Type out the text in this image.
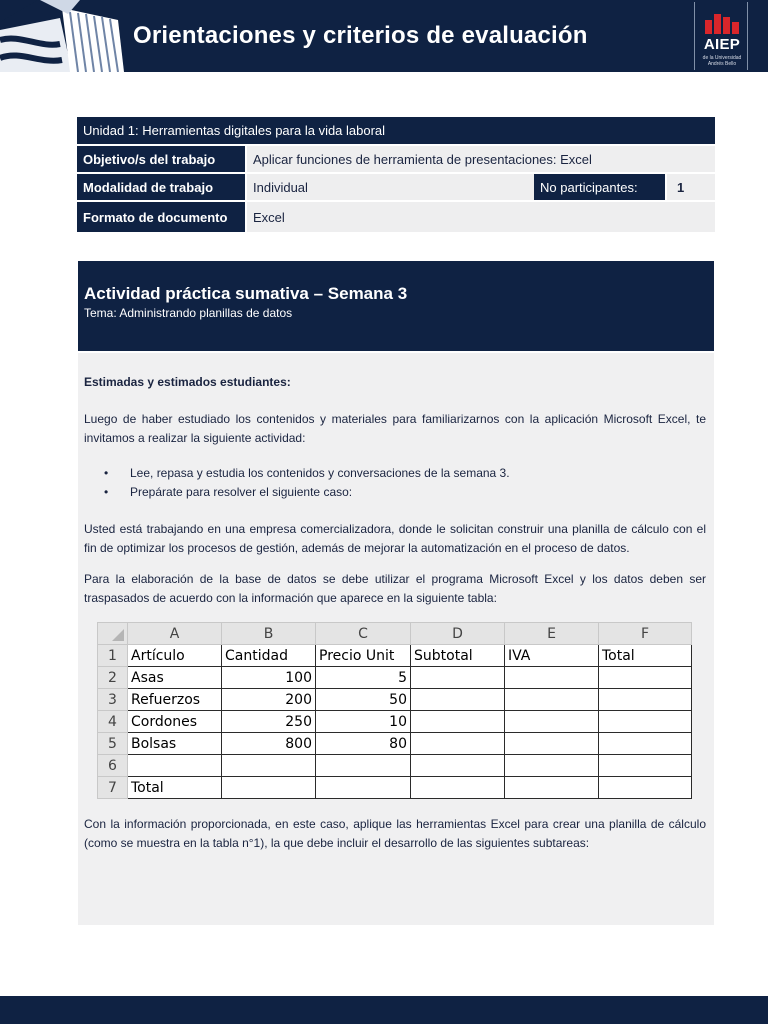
Orientaciones y criterios de evaluación	AIEP
de la Universidad
Andrés Bello
Unidad 1: Herramientas digitales para la vida laboral
Objetivo/s del trabajo	Aplicar funciones de herramienta de presentaciones: Excel
Modalidad de trabajo	Individual	No participantes:	1
Formato de documento	Excel
Actividad práctica sumativa – Semana 3
Tema: Administrando planillas de datos
Estimadas y estimados estudiantes:
Luego de haber estudiado los contenidos y materiales para familiarizarnos con la aplicación Microsoft Excel, te invitamos a realizar la siguiente actividad:
• Lee, repasa y estudia los contenidos y conversaciones de la semana 3.
• Prepárate para resolver el siguiente caso:
Usted está trabajando en una empresa comercializadora, donde le solicitan construir una planilla de cálculo con el fin de optimizar los procesos de gestión, además de mejorar la automatización en el proceso de datos.
Para la elaboración de la base de datos se debe utilizar el programa Microsoft Excel y los datos deben ser traspasados de acuerdo con la información que aparece en la siguiente tabla:
Con la información proporcionada, en este caso, aplique las herramientas Excel para crear una planilla de cálculo (como se muestra en la tabla n°1), la que debe incluir el desarrollo de las siguientes subtareas:
	A	B	C	D	E	F
1	Artículo	Cantidad	Precio Unit	Subtotal	IVA	Total
2	Asas	100	5			
3	Refuerzos	200	50			
4	Cordones	250	10			
5	Bolsas	800	80			
6						
7	Total					
